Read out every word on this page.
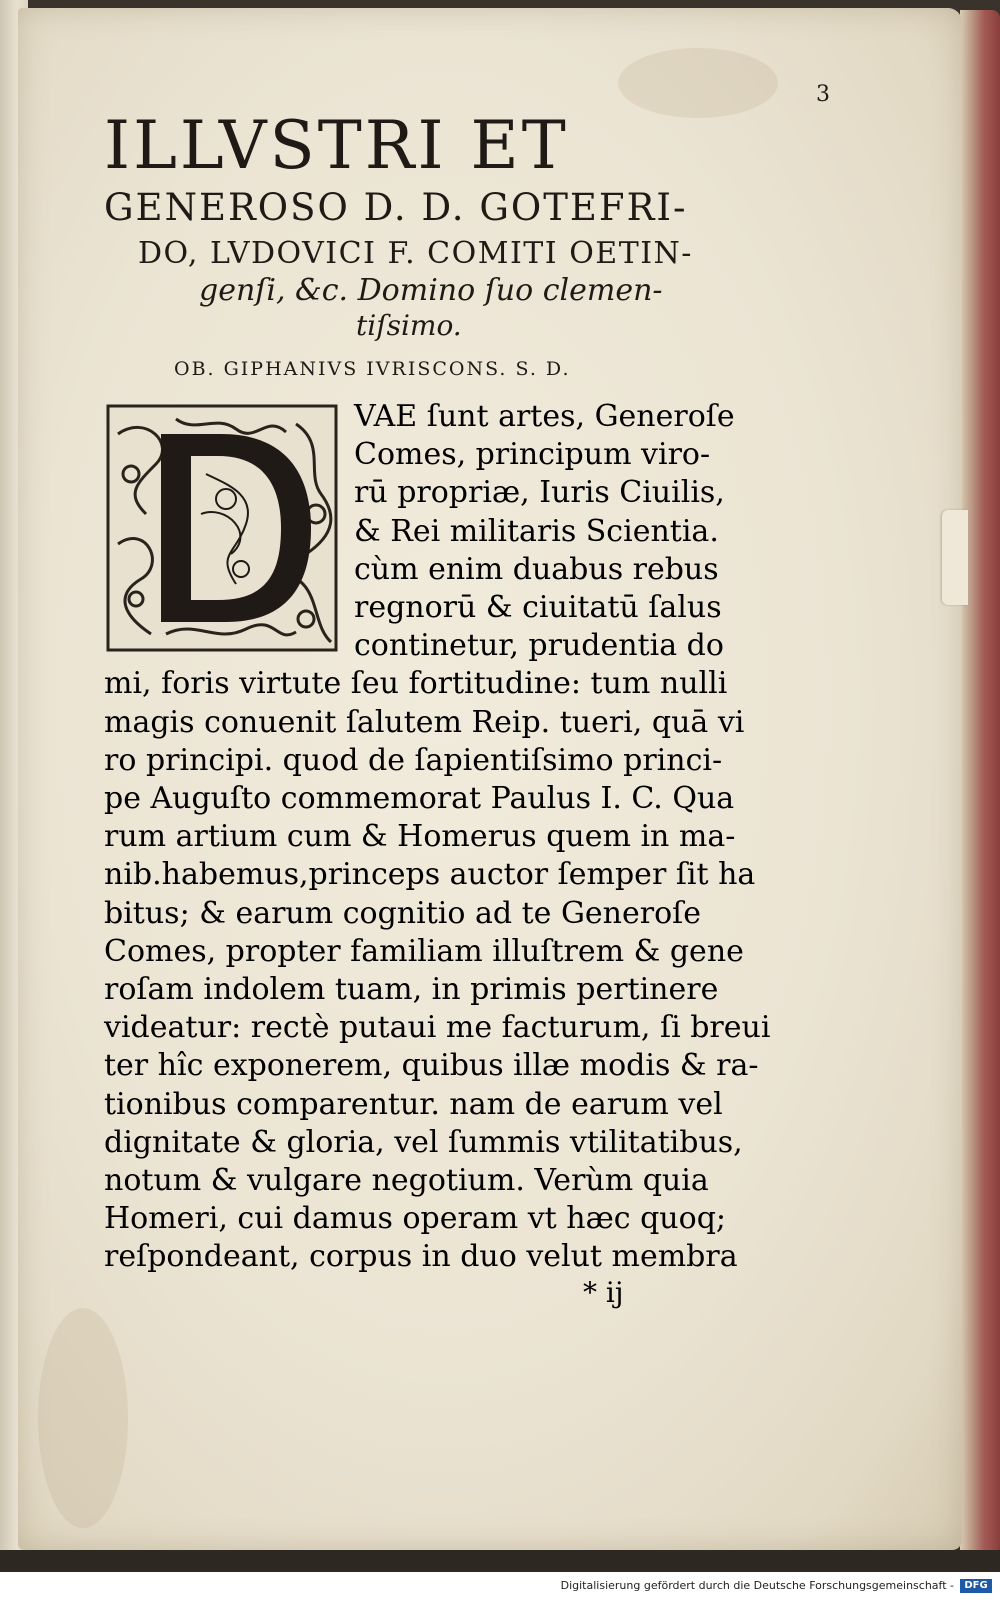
3
ILLVSTRI ET
GENEROSO D. D. GOTEFRI-
DO, LVDOVICI F. COMITI OETIN-
genſi, &c. Domino ſuo clemen-
tiſsimo.
OB. GIPHANIVS IVRISCONS. S. D.
VAE ſunt artes, Generoſe
Comes, principum viro-
rū propriæ, Iuris Ciuilis,
& Rei militaris Scientia.
cùm enim duabus rebus
regnorū & ciuitatū ſalus
continetur, prudentia do
mi, foris virtute ſeu fortitudine: tum nulli
magis conuenit ſalutem Reip. tueri, quā vi
ro principi. quod de ſapientiſsimo princi-
pe Auguſto commemorat Paulus I. C. Qua
rum artium cum & Homerus quem in ma-
nib.habemus,princeps auctor ſemper ſit ha
bitus; & earum cognitio ad te Generoſe
Comes, propter familiam illuſtrem & gene
roſam indolem tuam, in primis pertinere
videatur: rectè putaui me facturum, ſi breui
ter hîc exponerem, quibus illæ modis & ra-
tionibus comparentur. nam de earum vel
dignitate & gloria, vel ſummis vtilitatibus,
notum & vulgare negotium. Verùm quia
Homeri, cui damus operam vt hæc quoq;
reſpondeant, corpus in duo velut membra
* ij
Digitalisierung gefördert durch die Deutsche Forschungsgemeinschaft -	DFG
